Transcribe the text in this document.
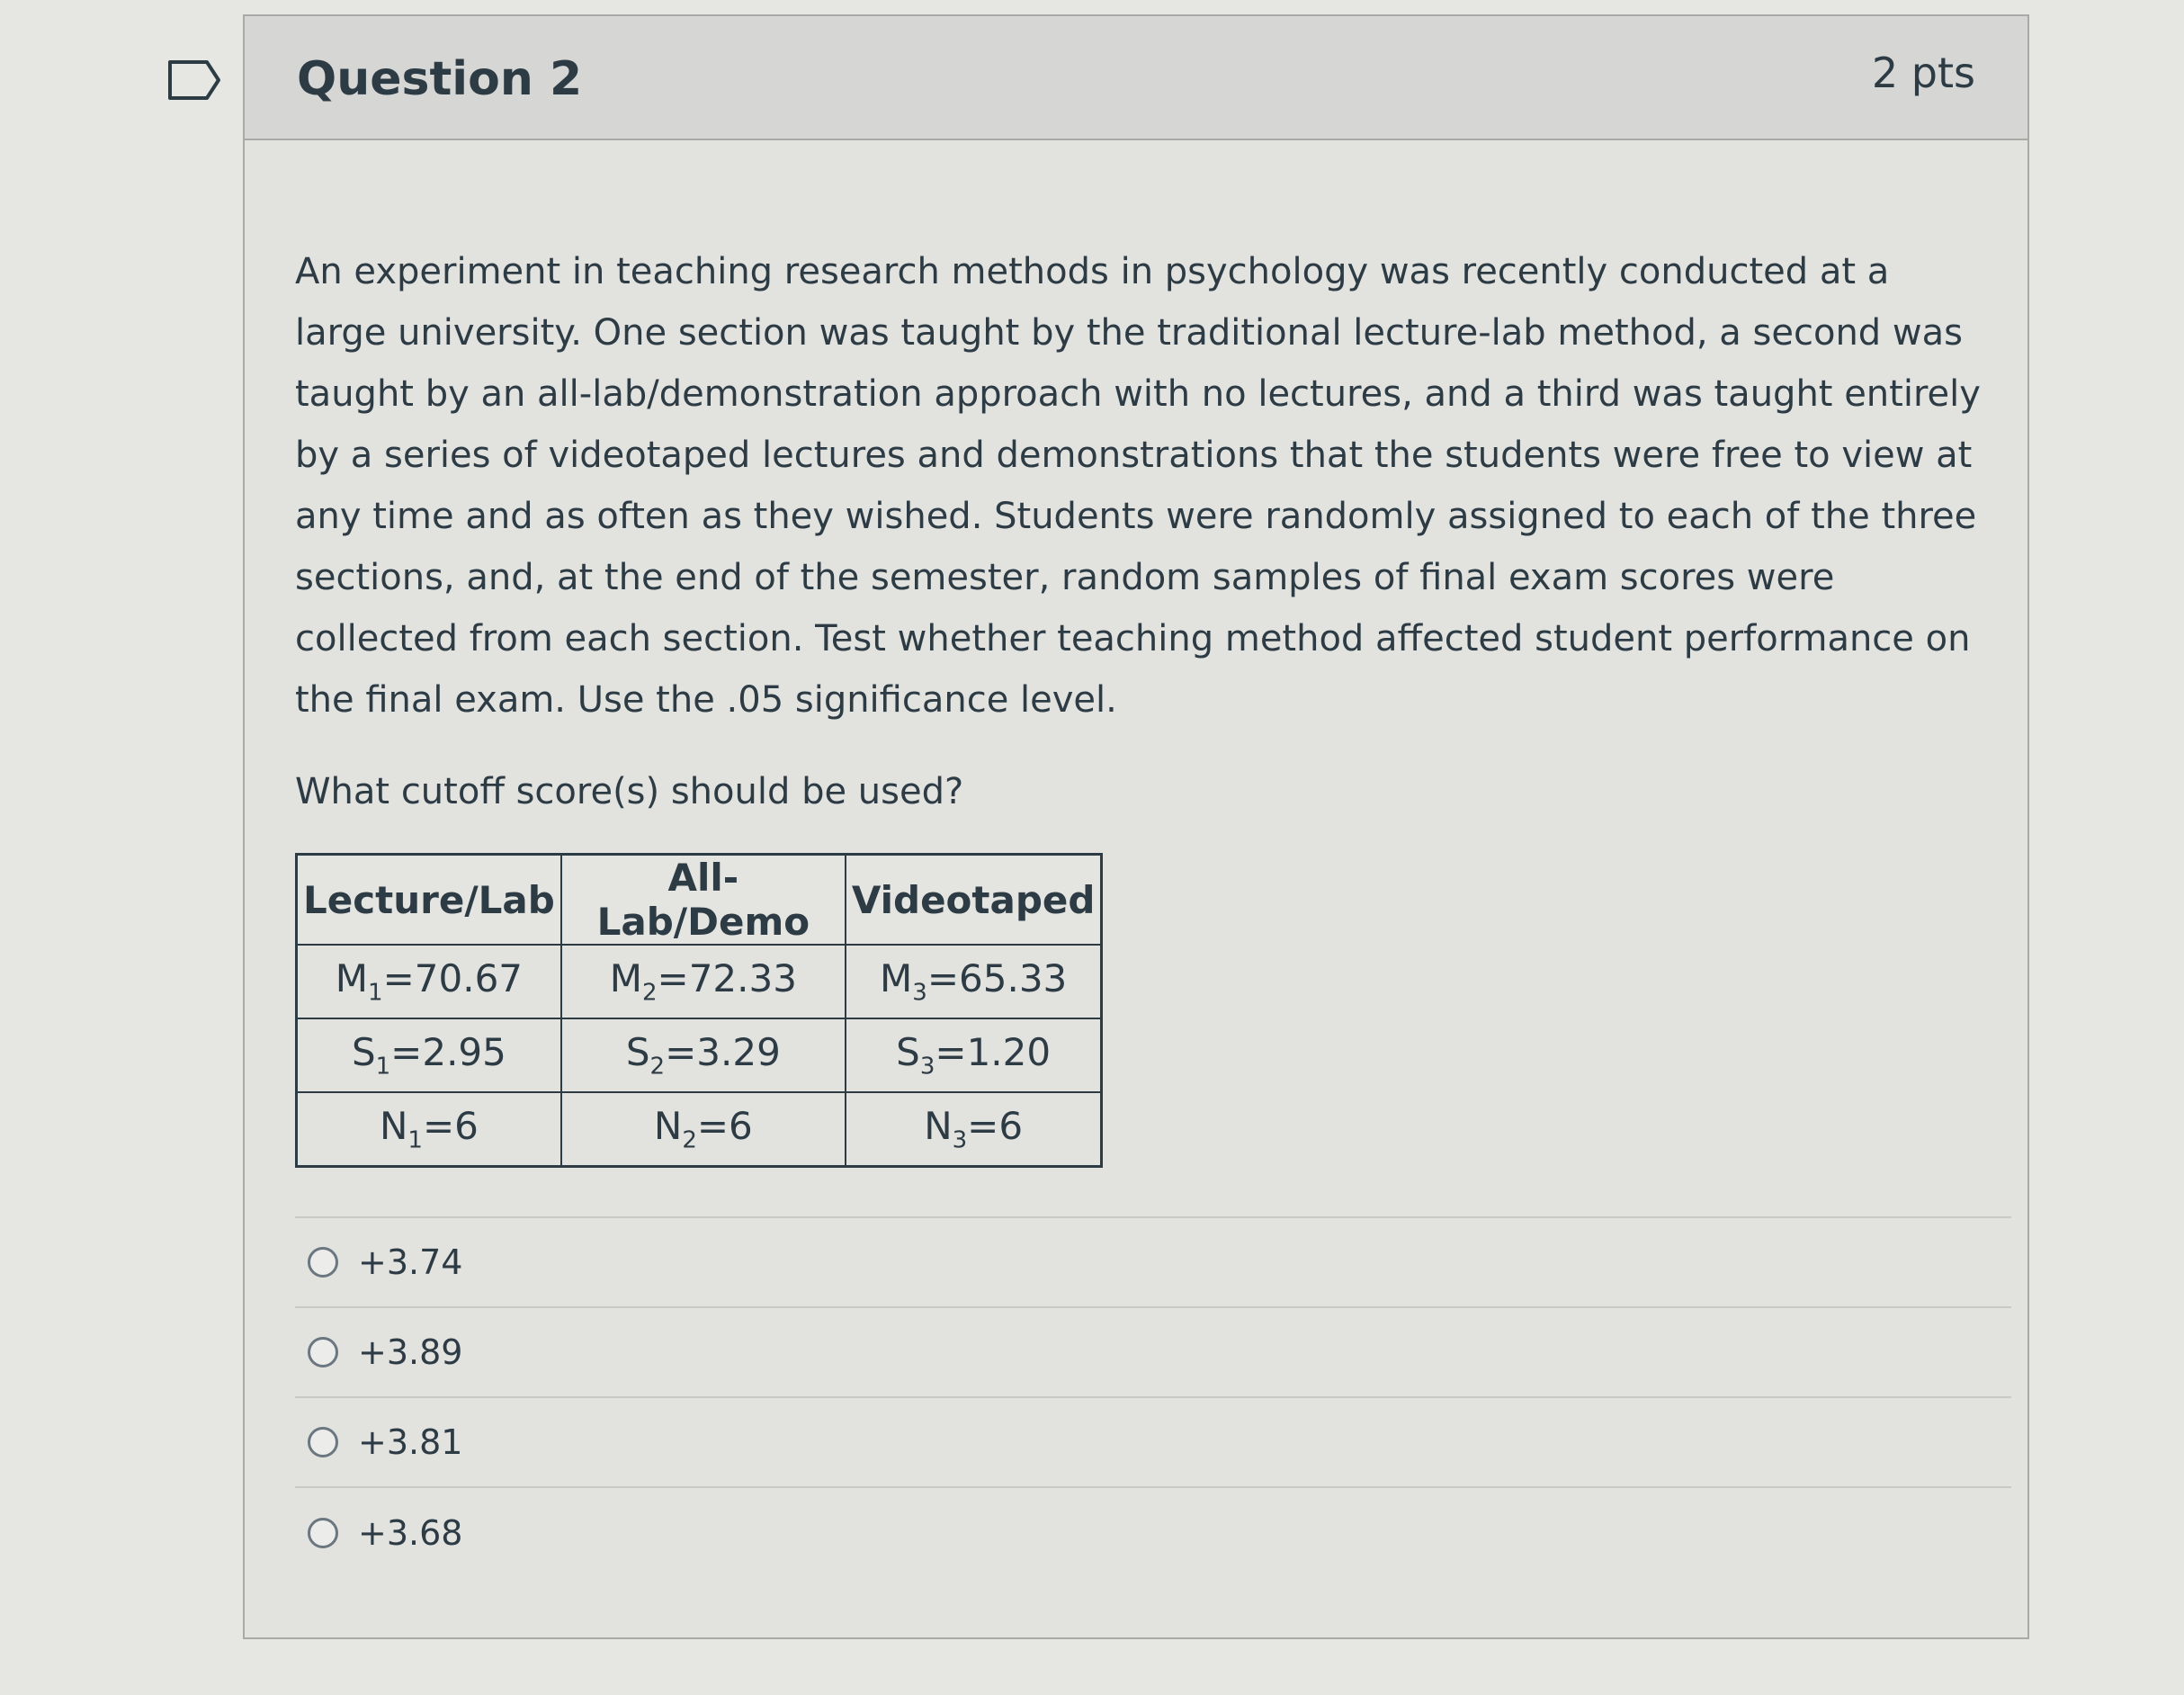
Question 2	2 pts

An experiment in teaching research methods in psychology was recently conducted at a large university. One section was taught by the traditional lecture-lab method, a second was taught by an all-lab/demonstration approach with no lectures, and a third was taught entirely by a series of videotaped lectures and demonstrations that the students were free to view at any time and as often as they wished. Students were randomly assigned to each of the three sections, and, at the end of the semester, random samples of final exam scores were collected from each section. Test whether teaching method affected student performance on the final exam. Use the .05 significance level.

What cutoff score(s) should be used?

Lecture/Lab	All-Lab/Demo	Videotaped
$M_1=70.67$	$M_2=72.33$	$M_3=65.33$
$S_1=2.95$	$S_2=3.29$	$S_3=1.20$
$N_1=6$	$N_2=6$	$N_3=6$
+3.74
+3.89
+3.81
+3.68
